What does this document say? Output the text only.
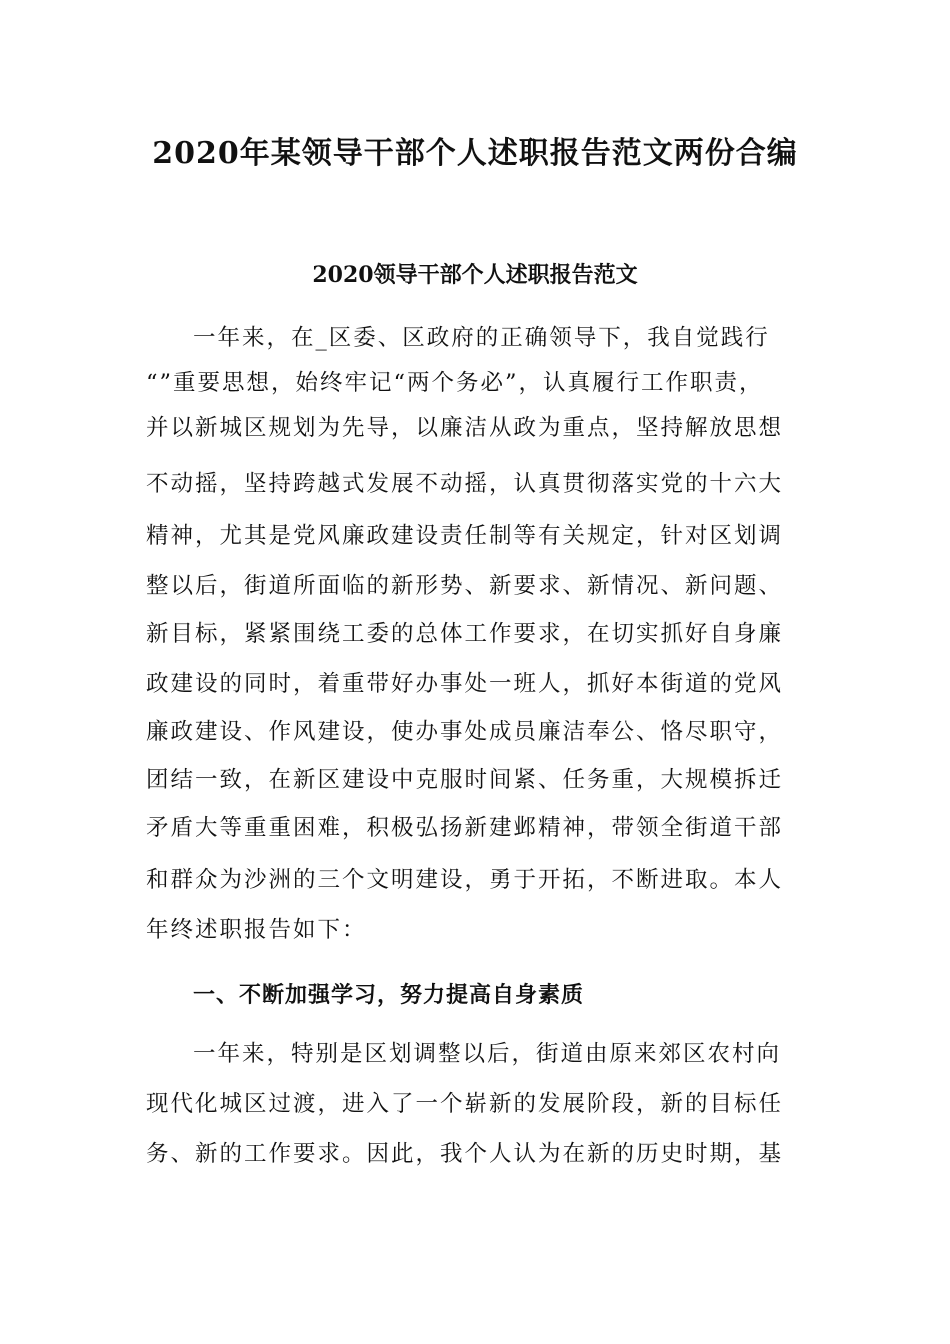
2020年某领导干部个人述职报告范文两份合编
2020领导干部个人述职报告范文
一年来，在_区委、区政府的正确领导下，我自觉践行
“”重要思想，始终牢记“两个务必”，认真履行工作职责，
并以新城区规划为先导，以廉洁从政为重点，坚持解放思想
不动摇，坚持跨越式发展不动摇，认真贯彻落实党的十六大
精神，尤其是党风廉政建设责任制等有关规定，针对区划调
整以后，街道所面临的新形势、新要求、新情况、新问题、
新目标，紧紧围绕工委的总体工作要求，在切实抓好自身廉
政建设的同时，着重带好办事处一班人，抓好本街道的党风
廉政建设、作风建设，使办事处成员廉洁奉公、恪尽职守，
团结一致，在新区建设中克服时间紧、任务重，大规模拆迁
矛盾大等重重困难，积极弘扬新建邺精神，带领全街道干部
和群众为沙洲的三个文明建设，勇于开拓，不断进取。本人
年终述职报告如下：
一、不断加强学习，努力提高自身素质
一年来，特别是区划调整以后，街道由原来郊区农村向
现代化城区过渡，进入了一个崭新的发展阶段，新的目标任
务、新的工作要求。因此，我个人认为在新的历史时期，基
